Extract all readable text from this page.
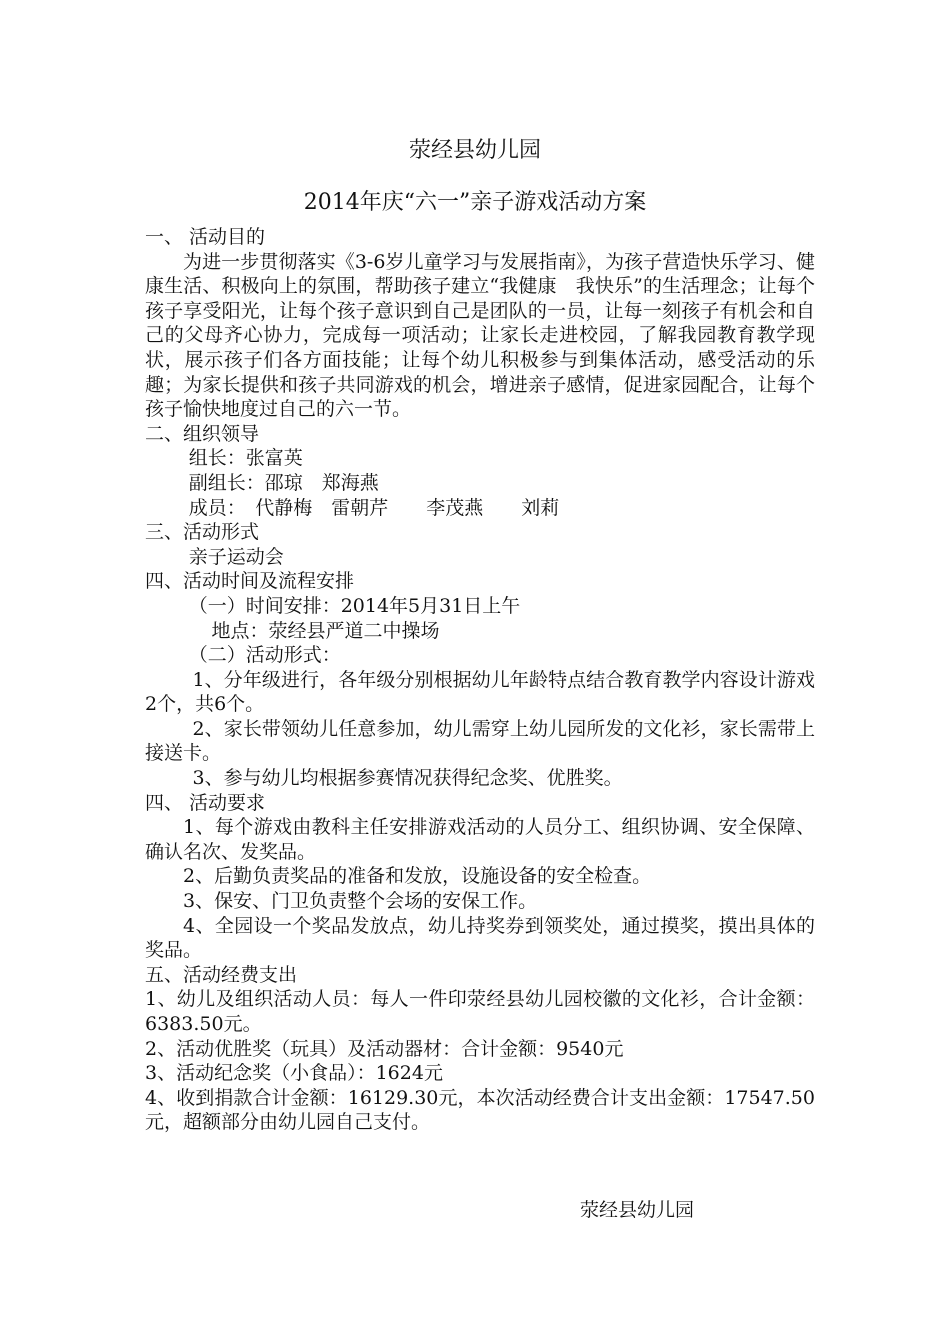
荥经县幼儿园
2014年庆“六一”亲子游戏活动方案

一、 活动目的

为进一步贯彻落实《3-6岁儿童学习与发展指南》，为孩子营造快乐学习、健康生活、积极向上的氛围，帮助孩子建立“我健康　我快乐”的生活理念；让每个孩子享受阳光，让每个孩子意识到自己是团队的一员，让每一刻孩子有机会和自己的父母齐心协力，完成每一项活动；让家长走进校园，了解我园教育教学现状，展示孩子们各方面技能；让每个幼儿积极参与到集体活动，感受活动的乐趣；为家长提供和孩子共同游戏的机会，增进亲子感情，促进家园配合，让每个孩子愉快地度过自己的六一节。

二、组织领导

组长：张富英

副组长：邵琼　郑海燕

成员：　代静梅　雷朝芹　　李茂燕　　刘莉

三、活动形式

亲子运动会

四、活动时间及流程安排

（一）时间安排：2014年5月31日上午

地点：荥经县严道二中操场

（二）活动形式：

1、分年级进行，各年级分别根据幼儿年龄特点结合教育教学内容设计游戏2个，共6个。

2、家长带领幼儿任意参加，幼儿需穿上幼儿园所发的文化衫，家长需带上接送卡。

3、参与幼儿均根据参赛情况获得纪念奖、优胜奖。

四、 活动要求

1、每个游戏由教科主任安排游戏活动的人员分工、组织协调、安全保障、确认名次、发奖品。

2、后勤负责奖品的准备和发放，设施设备的安全检查。

3、保安、门卫负责整个会场的安保工作。

4、全园设一个奖品发放点，幼儿持奖券到领奖处，通过摸奖，摸出具体的奖品。

五、活动经费支出

1、幼儿及组织活动人员：每人一件印荥经县幼儿园校徽的文化衫，合计金额：6383.50元。

2、活动优胜奖（玩具）及活动器材：合计金额：9540元

3、活动纪念奖（小食品）：1624元

4、收到捐款合计金额：16129.30元，本次活动经费合计支出金额：17547.50元，超额部分由幼儿园自己支付。

荥经县幼儿园
